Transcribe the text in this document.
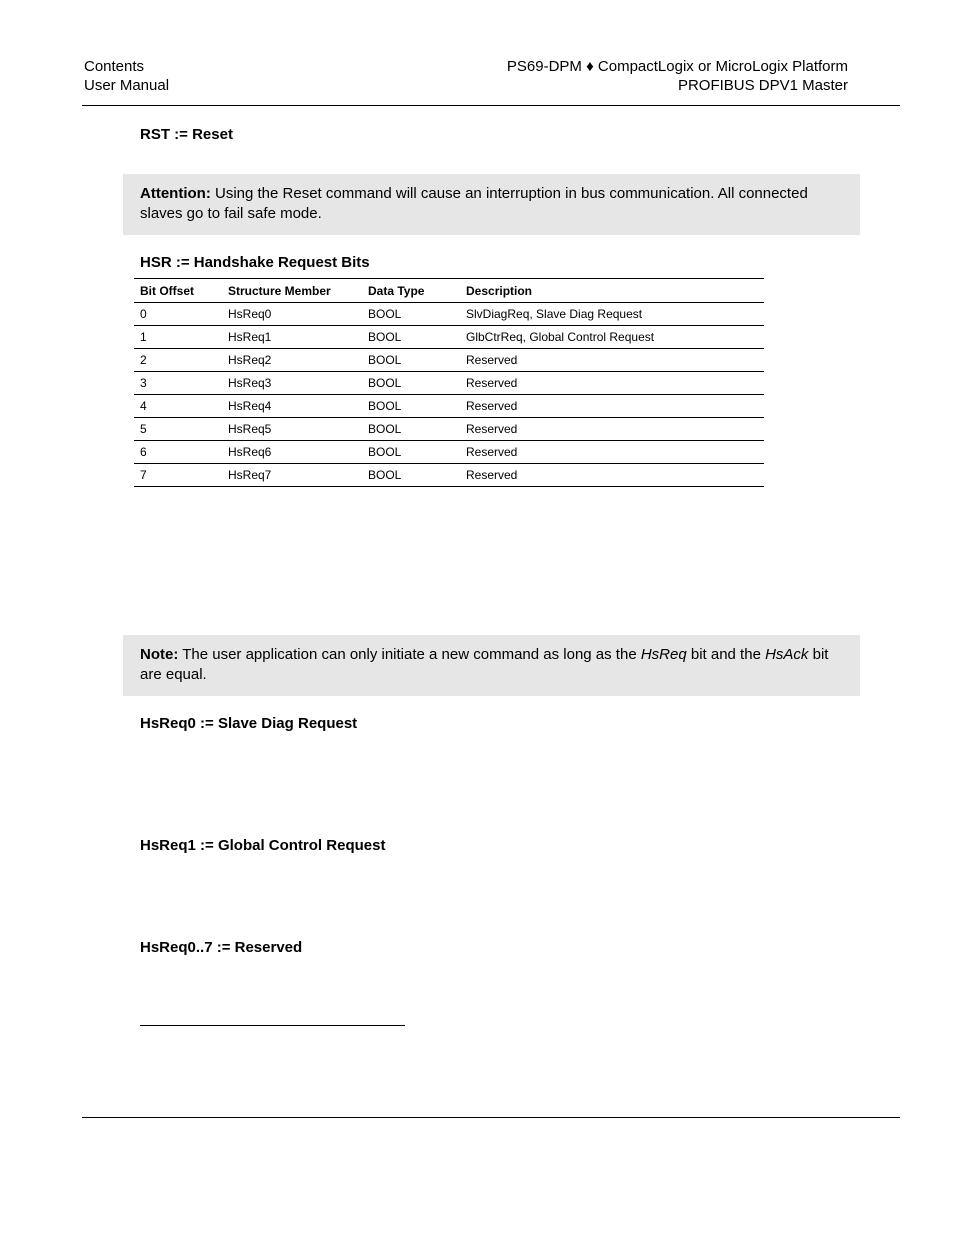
Contents
User Manual
PS69-DPM ♦ CompactLogix or MicroLogix Platform
PROFIBUS DPV1 Master
RST := Reset
Attention: Using the Reset command will cause an interruption in bus communication. All connected slaves go to fail safe mode.
HSR := Handshake Request Bits
Bit Offset	Structure Member	Data Type	Description
0	HsReq0	BOOL	SlvDiagReq, Slave Diag Request
1	HsReq1	BOOL	GlbCtrReq, Global Control Request
2	HsReq2	BOOL	Reserved
3	HsReq3	BOOL	Reserved
4	HsReq4	BOOL	Reserved
5	HsReq5	BOOL	Reserved
6	HsReq6	BOOL	Reserved
7	HsReq7	BOOL	Reserved
Note: The user application can only initiate a new command as long as the HsReq bit and the HsAck bit are equal.
HsReq0 := Slave Diag Request
HsReq1 := Global Control Request
HsReq0..7 := Reserved
